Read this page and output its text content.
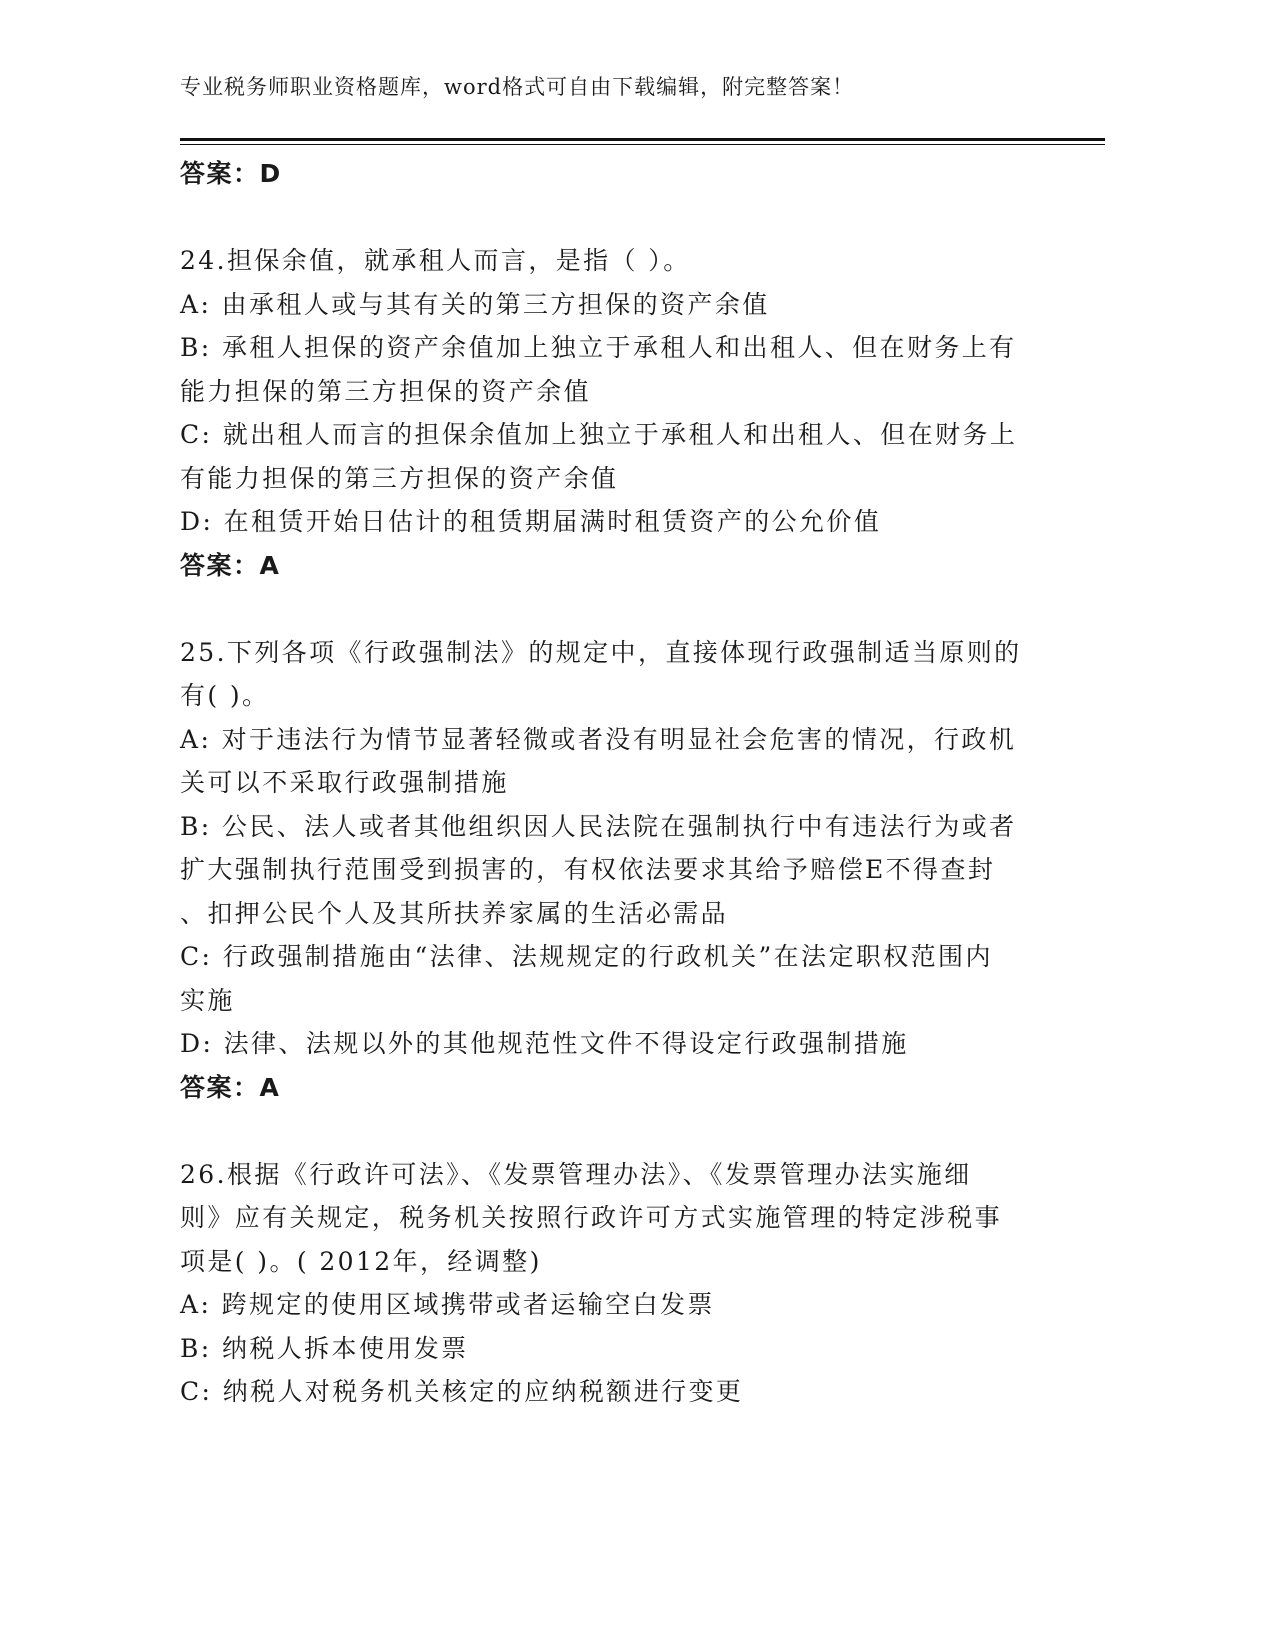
专业税务师职业资格题库，word格式可自由下载编辑，附完整答案！
答案：D
24.担保余值，就承租人而言，是指（ ）。
A: 由承租人或与其有关的第三方担保的资产余值
B: 承租人担保的资产余值加上独立于承租人和出租人、但在财务上有
能力担保的第三方担保的资产余值
C: 就出租人而言的担保余值加上独立于承租人和出租人、但在财务上
有能力担保的第三方担保的资产余值
D: 在租赁开始日估计的租赁期届满时租赁资产的公允价值
答案：A
25.下列各项《行政强制法》的规定中，直接体现行政强制适当原则的
有( )。
A: 对于违法行为情节显著轻微或者没有明显社会危害的情况，行政机
关可以不采取行政强制措施
B: 公民、法人或者其他组织因人民法院在强制执行中有违法行为或者
扩大强制执行范围受到损害的，有权依法要求其给予赔偿E不得查封
、扣押公民个人及其所扶养家属的生活必需品
C: 行政强制措施由“法律、法规规定的行政机关”在法定职权范围内
实施
D: 法律、法规以外的其他规范性文件不得设定行政强制措施
答案：A
26.根据《行政许可法》、《发票管理办法》、《发票管理办法实施细
则》应有关规定，税务机关按照行政许可方式实施管理的特定涉税事
项是( )。( 2012年，经调整)
A: 跨规定的使用区域携带或者运输空白发票
B: 纳税人拆本使用发票
C: 纳税人对税务机关核定的应纳税额进行变更
